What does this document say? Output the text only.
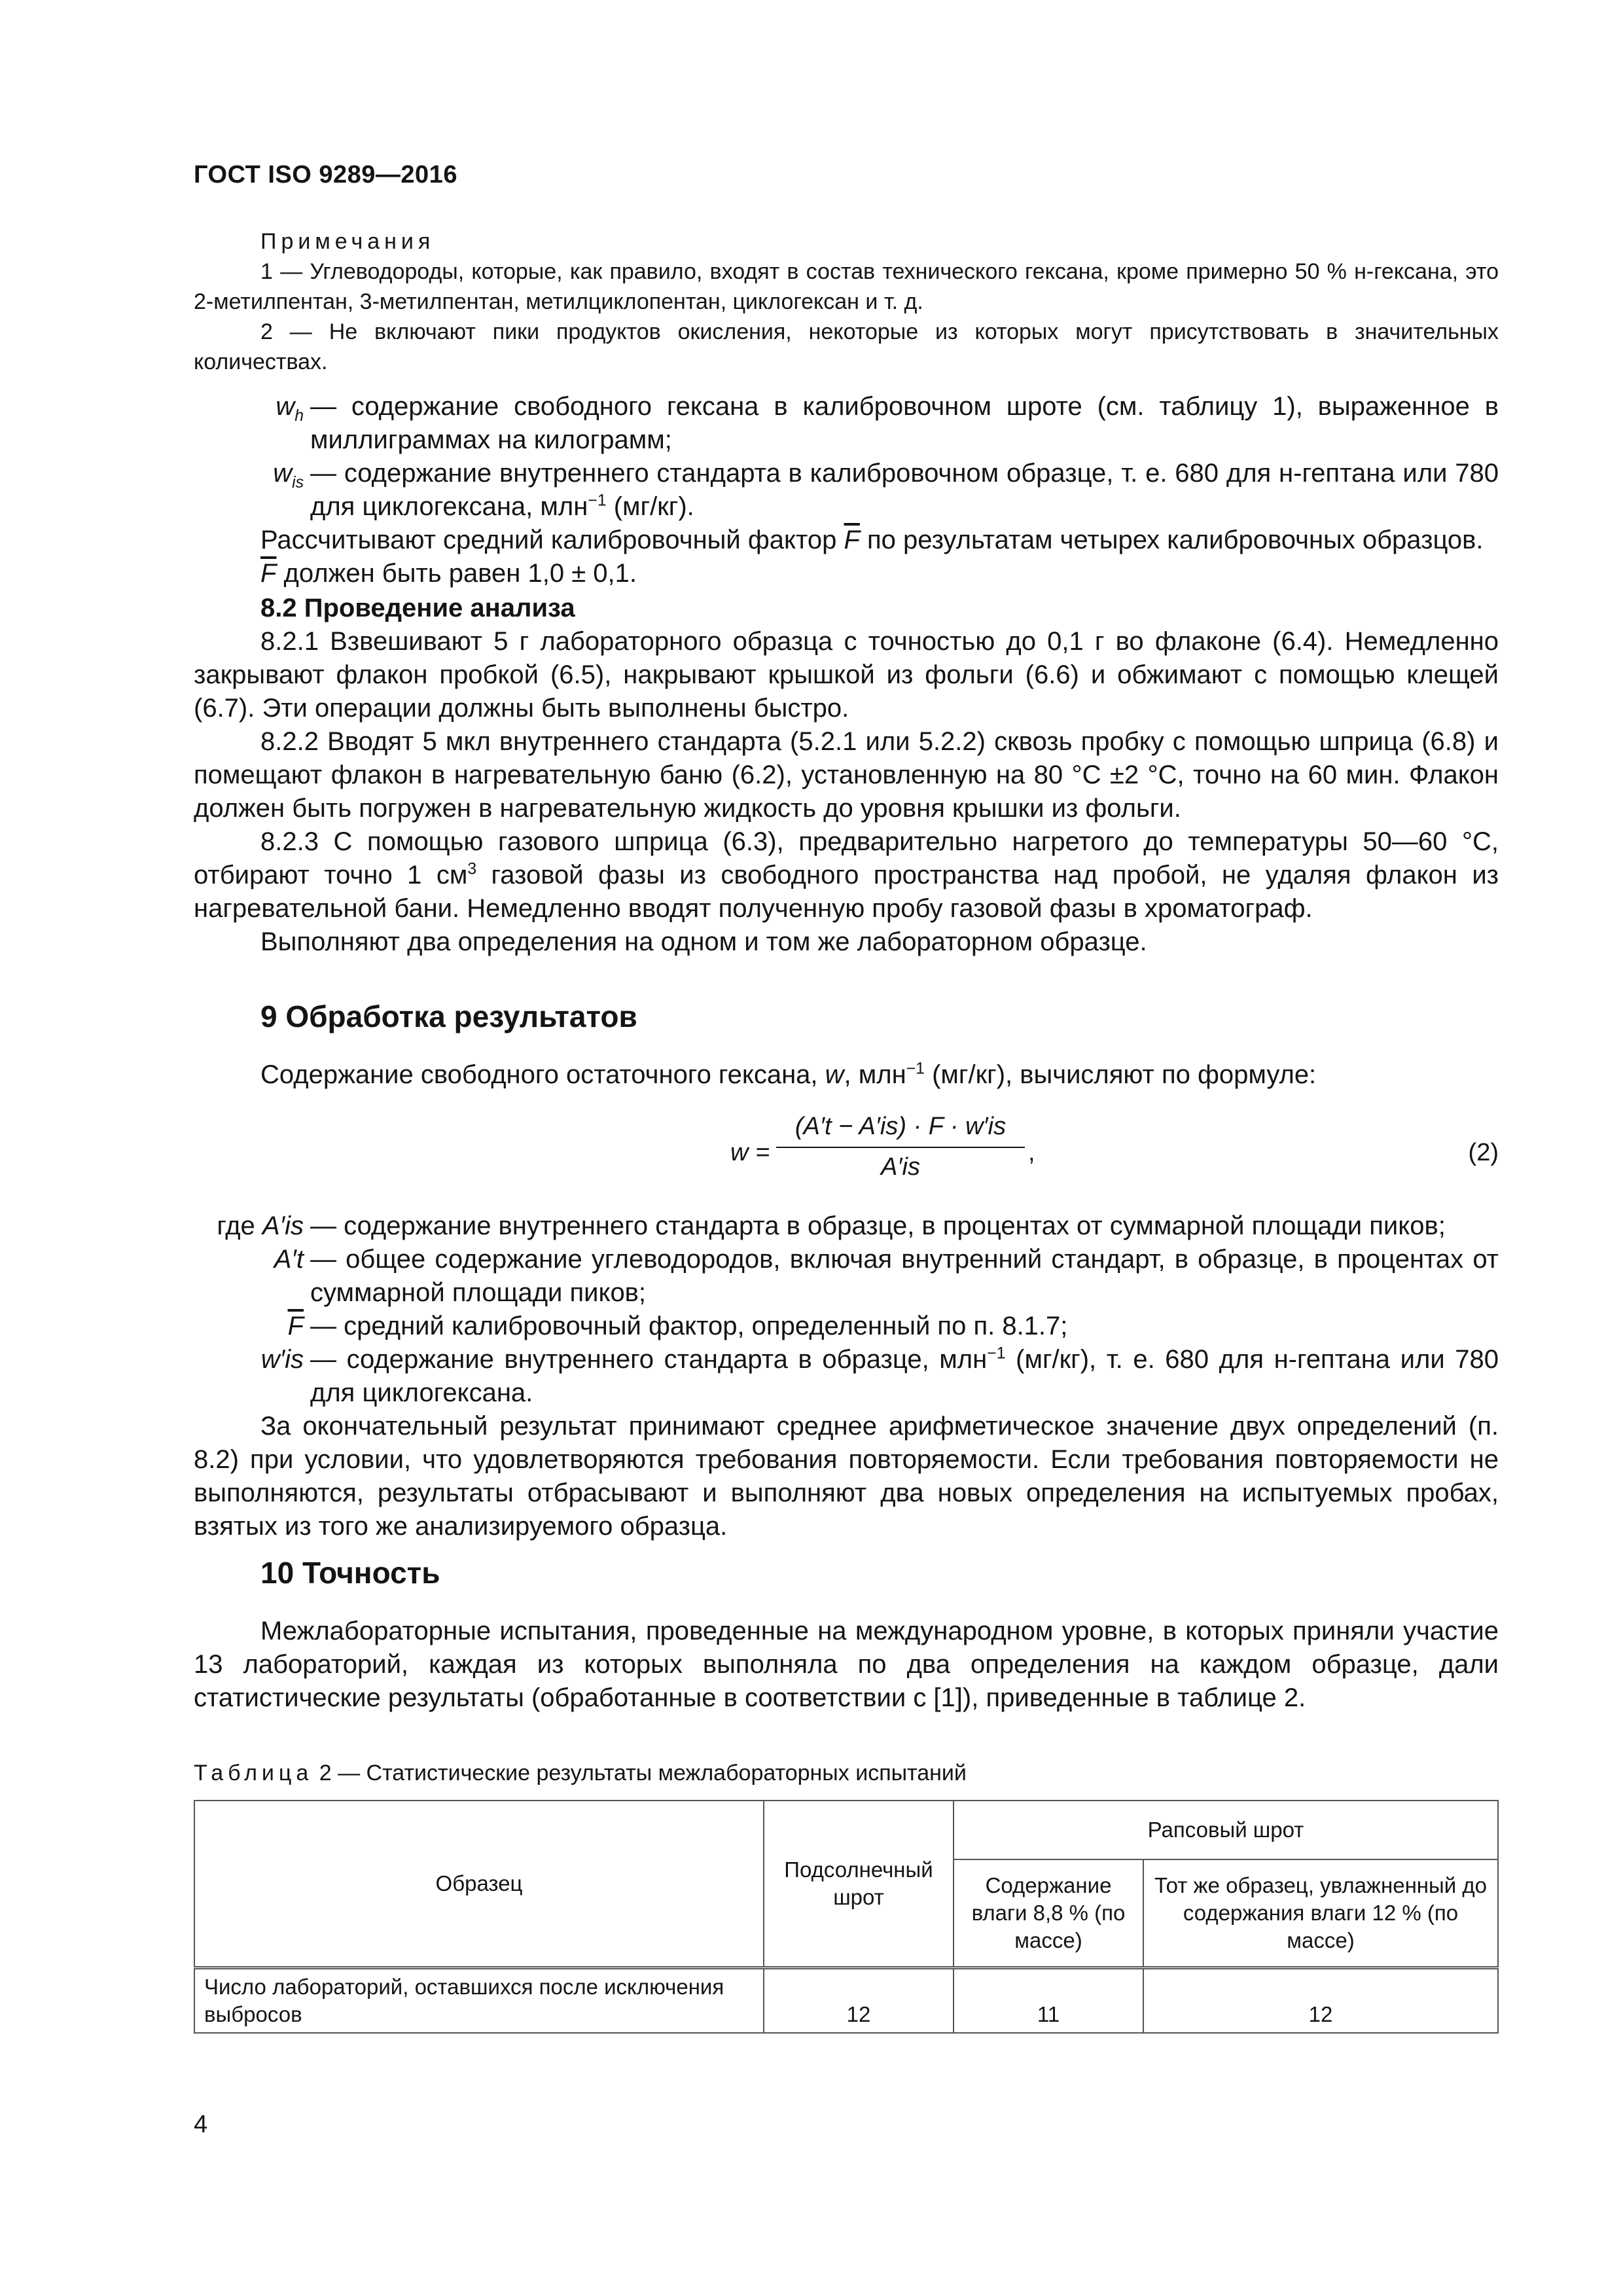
ГОСТ ISO 9289—2016

Примечания

1 — Углеводороды, которые, как правило, входят в состав технического гексана, кроме примерно 50 % н-гексана, это 2-метилпентан, 3-метилпентан, метилциклопентан, циклогексан и т. д.

2 — Не включают пики продуктов окисления, некоторые из которых могут присутствовать в значительных количествах.

$w_h$ — содержание свободного гексана в калибровочном шроте (см. таблицу 1), выраженное в миллиграммах на килограмм;
$w_{is}$ — содержание внутреннего стандарта в калибровочном образце, т. е. 680 для н-гептана или 780 для циклогексана, млн$^{-1}$ (мг/кг).

Рассчитывают средний калибровочный фактор $\overline{F}$ по результатам четырех калибровочных образцов.

$\overline{F}$ должен быть равен 1,0 ± 0,1.

8.2 Проведение анализа

8.2.1 Взвешивают 5 г лабораторного образца с точностью до 0,1 г во флаконе (6.4). Немедленно закрывают флакон пробкой (6.5), накрывают крышкой из фольги (6.6) и обжимают с помощью клещей (6.7). Эти операции должны быть выполнены быстро.

8.2.2 Вводят 5 мкл внутреннего стандарта (5.2.1 или 5.2.2) сквозь пробку с помощью шприца (6.8) и помещают флакон в нагревательную баню (6.2), установленную на 80 °С ±2 °С, точно на 60 мин. Флакон должен быть погружен в нагревательную жидкость до уровня крышки из фольги.

8.2.3 С помощью газового шприца (6.3), предварительно нагретого до температуры 50—60 °С, отбирают точно 1 $см^3$ газовой фазы из свободного пространства над пробой, не удаляя флакон из нагревательной бани. Немедленно вводят полученную пробу газовой фазы в хроматограф.

Выполняют два определения на одном и том же лабораторном образце.

9 Обработка результатов

Содержание свободного остаточного гексана, w, млн$^{-1}$ (мг/кг), вычисляют по формуле:

w =
(A′t − A′is) · F · w′is
A′is
,	(2)
где A′is — содержание внутреннего стандарта в образце, в процентах от суммарной площади пиков;
A′t — общее содержание углеводородов, включая внутренний стандарт, в образце, в процентах от суммарной площади пиков;
$\overline{F}$ — средний калибровочный фактор, определенный по п. 8.1.7;
w′is — содержание внутреннего стандарта в образце, млн$^{-1}$ (мг/кг), т. е. 680 для н-гептана или 780 для циклогексана.

За окончательный результат принимают среднее арифметическое значение двух определений (п. 8.2) при условии, что удовлетворяются требования повторяемости. Если требования повторяемости не выполняются, результаты отбрасывают и выполняют два новых определения на испытуемых пробах, взятых из того же анализируемого образца.

10 Точность

Межлабораторные испытания, проведенные на международном уровне, в которых приняли участие 13 лабораторий, каждая из которых выполняла по два определения на каждом образце, дали статистические результаты (обработанные в соответствии с [1]), приведенные в таблице 2.

Таблица 2 — Статистические результаты межлабораторных испытаний
Образец	Подсолнечный шрот	Рапсовый шрот	
		Содержание влаги 8,8 % (по массе)	Тот же образец, увлажненный до содержания влаги 12 % (по массе)
Число лабораторий, оставшихся после исключения выбросов	12	11	12
4
